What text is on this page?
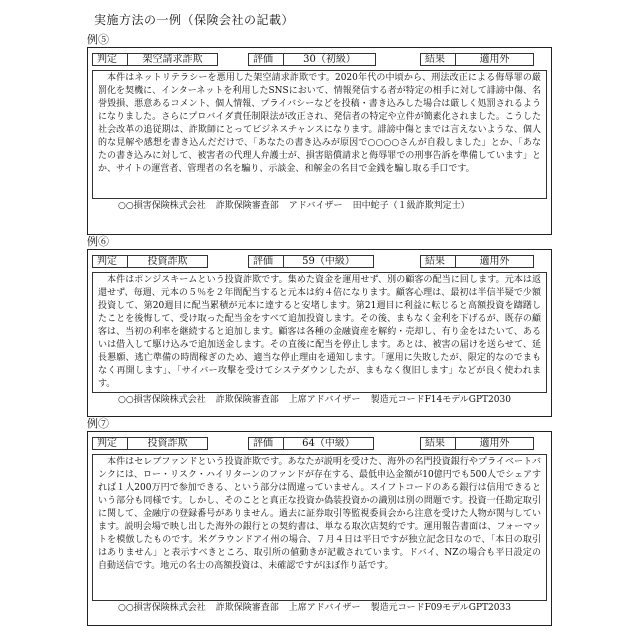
実施方法の一例（保険会社の記載）
例⑤
判定	架空請求詐欺	評価	30（初級）	結果	適用外

本件はネットリテラシーを悪用した架空請求詐欺です。2020年代の中頃から、刑法改正による侮辱罪の厳罰化を契機に、インターネットを利用したSNSにおいて、情報発信する者が特定の相手に対して誹謗中傷、名誉毀損、悪意あるコメント、個人情報、プライバシーなどを投稿・書き込みした場合は厳しく処罰されるようになりました。さらにプロバイダ責任制限法が改正され、発信者の特定や立件が簡素化されました。こうした社会改革の追従期は、詐欺師にとってビジネスチャンスになります。誹謗中傷とまでは言えないような、個人的な見解や感想を書き込んだだけで、「あなたの書き込みが原因で○○○○さんが自殺しました」とか、「あなたの書き込みに対して、被害者の代理人弁護士が、損害賠償請求と侮辱罪での刑事告訴を準備しています」とか、サイトの運営者、管理者の名を騙り、示談金、和解金の名目で金銭を騙し取る手口です。

○○損害保険株式会社 詐欺保険審査部 アドバイザー 田中蛇子（１級詐欺判定士）
例⑥
判定	投資詐欺	評価	59（中級）	結果	適用外

本件はポンジスキームという投資詐欺です。集めた資金を運用せず、別の顧客の配当に回します。元本は返還せず、毎週、元本の５％を２年間配当すると元本は約４倍になります。顧客心理は、最初は半信半疑で少額投資して、第20週目に配当累積が元本に達すると安堵します。第21週目に利益に転じると高額投資を躊躇したことを後悔して、受け取った配当金をすべて追加投資します。その後、まもなく金利を下げるが、既存の顧客は、当初の利率を継続すると追加します。顧客は各種の金融資産を解約・売却し、有り金をはたいて、あるいは借入して駆け込みで追加送金します。その直後に配当を停止します。あとは、被害の届けを送らせて、延長懇願、逃亡準備の時間稼ぎのため、適当な停止理由を通知します。「運用に失敗したが、限定的なのでまもなく再開します」、「サイバー攻撃を受けてシステダウンしたが、まもなく復旧します」などが良く使われます。

○○損害保険株式会社 詐欺保険審査部 上席アドバイザー 製造元コードF14モデルGPT2030
例⑦
判定	投資詐欺	評価	64（中級）	結果	適用外

本件はセレブファンドという投資詐欺です。あなたが説明を受けた、海外の名門投資銀行やプライベートバンクには、ロー・リスク・ハイリターンのファンドが存在する、最低申込金額が10億円でも500人でシェアすれば１人200万円で参加できる、という部分は間違っていません。スイフトコードのある銀行は信用できるという部分も同様です。しかし、そのことと真正な投資か偽装投資かの識別は別の問題です。投資一任勘定取引に関して、金融庁の登録番号がありません。過去に証券取引等監視委員会から注意を受けた人物が関与しています。説明会場で映し出した海外の銀行との契約書は、単なる取次店契約です。運用報告書面は、フォーマットを模倣したものです。米グラウンドアイ州の場合、７月４日は平日ですが独立記念日なので、「本日の取引はありません」と表示すべきところ、取引所の値動きが記載されています。ドバイ、NZの場合も平日設定の自動送信です。地元の名士の高額投資は、未確認ですがほぼ作り話です。

○○損害保険株式会社 詐欺保険審査部 上席アドバイザー 製造元コードF09モデルGPT2033
